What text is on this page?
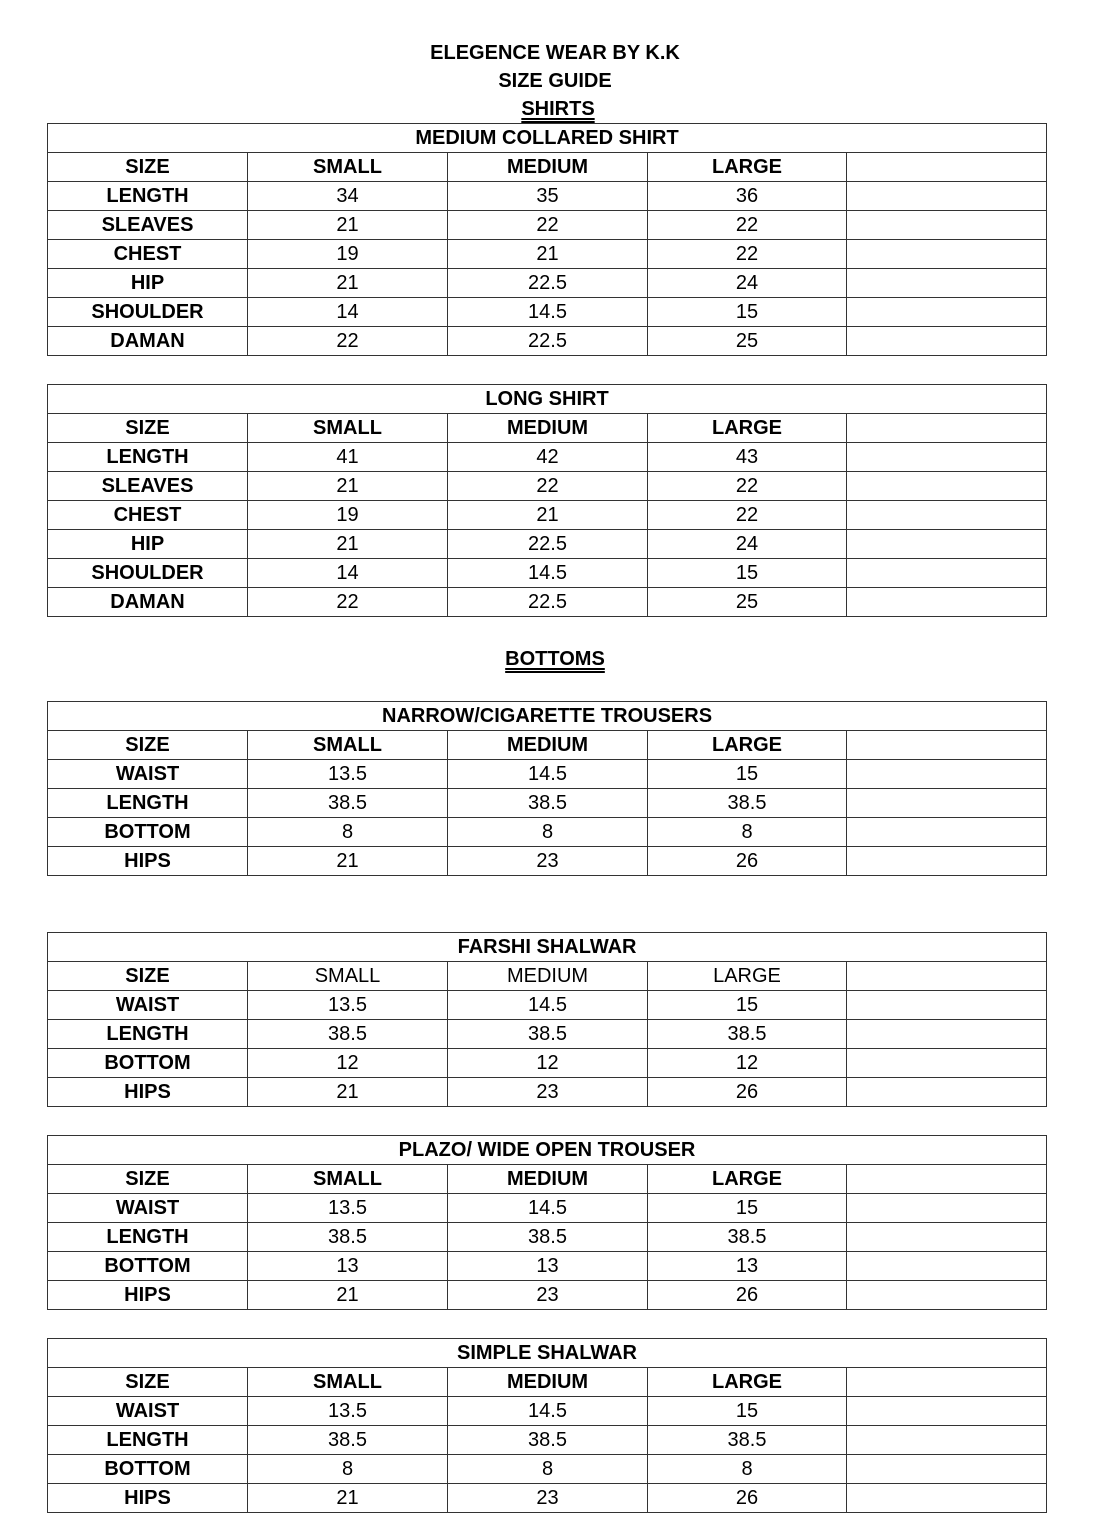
ELEGENCE WEAR BY K.K
SIZE GUIDE
SHIRTS
BOTTOMS
MEDIUM COLLARED SHIRT				
SIZE	SMALL	MEDIUM	LARGE	
LENGTH	34	35	36	
SLEAVES	21	22	22	
CHEST	19	21	22	
HIP	21	22.5	24	
SHOULDER	14	14.5	15	
DAMAN	22	22.5	25	
LONG SHIRT				
SIZE	SMALL	MEDIUM	LARGE	
LENGTH	41	42	43	
SLEAVES	21	22	22	
CHEST	19	21	22	
HIP	21	22.5	24	
SHOULDER	14	14.5	15	
DAMAN	22	22.5	25	
NARROW/CIGARETTE TROUSERS				
SIZE	SMALL	MEDIUM	LARGE	
WAIST	13.5	14.5	15	
LENGTH	38.5	38.5	38.5	
BOTTOM	8	8	8	
HIPS	21	23	26	
FARSHI SHALWAR				
SIZE	SMALL	MEDIUM	LARGE	
WAIST	13.5	14.5	15	
LENGTH	38.5	38.5	38.5	
BOTTOM	12	12	12	
HIPS	21	23	26	
PLAZO/ WIDE OPEN TROUSER				
SIZE	SMALL	MEDIUM	LARGE	
WAIST	13.5	14.5	15	
LENGTH	38.5	38.5	38.5	
BOTTOM	13	13	13	
HIPS	21	23	26	
SIMPLE SHALWAR				
SIZE	SMALL	MEDIUM	LARGE	
WAIST	13.5	14.5	15	
LENGTH	38.5	38.5	38.5	
BOTTOM	8	8	8	
HIPS	21	23	26	
